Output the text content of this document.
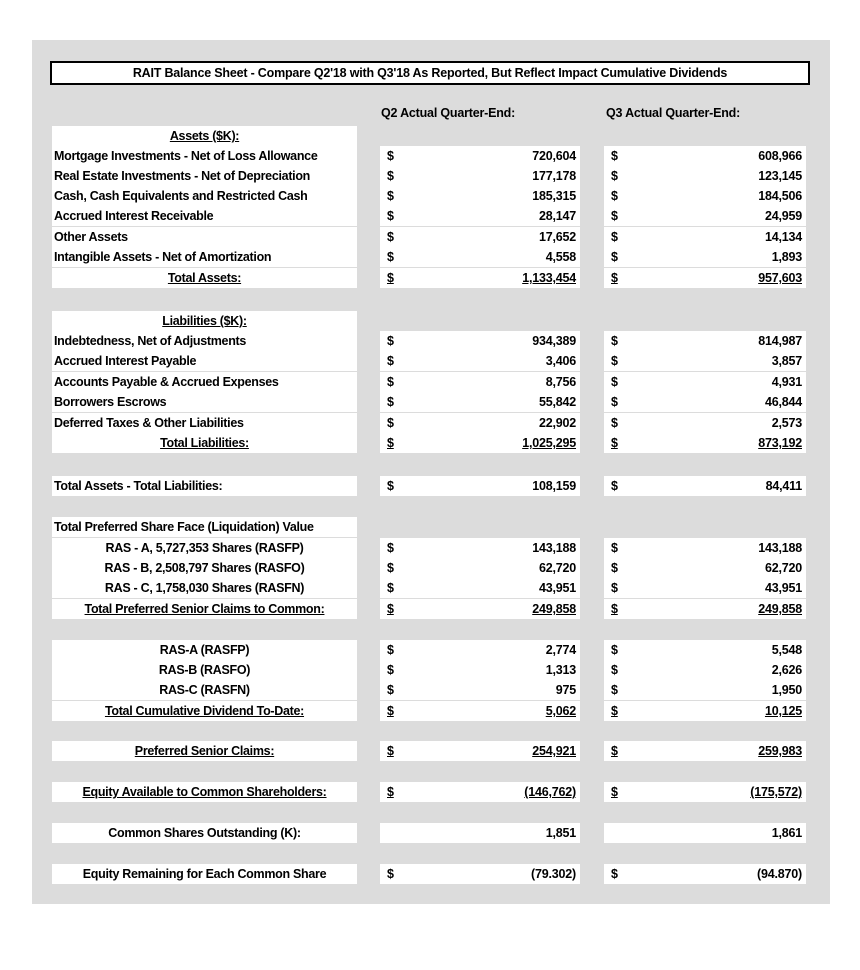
RAIT Balance Sheet - Compare Q2'18 with Q3'18 As Reported, But Reflect Impact Cumulative Dividends
Q2 Actual Quarter-End:	Q3 Actual Quarter-End:
Assets ($K):
Mortgage Investments - Net of Loss Allowance	$	720,604	$	608,966
Real Estate Investments - Net of Depreciation	$	177,178	$	123,145
Cash, Cash Equivalents and Restricted Cash	$	185,315	$	184,506
Accrued Interest Receivable	$	28,147	$	24,959
Other Assets	$	17,652	$	14,134
Intangible Assets - Net of Amortization	$	4,558	$	1,893
Total Assets:	$	1,133,454	$	957,603
Liabilities ($K):
Indebtedness, Net of Adjustments	$	934,389	$	814,987
Accrued Interest Payable	$	3,406	$	3,857
Accounts Payable & Accrued Expenses	$	8,756	$	4,931
Borrowers Escrows	$	55,842	$	46,844
Deferred Taxes & Other Liabilities	$	22,902	$	2,573
Total Liabilities:	$	1,025,295	$	873,192
Total Assets - Total Liabilities:	$	108,159	$	84,411
Total Preferred Share Face (Liquidation) Value
RAS - A, 5,727,353 Shares (RASFP)	$	143,188	$	143,188
RAS - B, 2,508,797 Shares (RASFO)	$	62,720	$	62,720
RAS - C, 1,758,030 Shares (RASFN)	$	43,951	$	43,951
Total Preferred Senior Claims to Common:	$	249,858	$	249,858
RAS-A (RASFP)	$	2,774	$	5,548
RAS-B (RASFO)	$	1,313	$	2,626
RAS-C (RASFN)	$	975	$	1,950
Total Cumulative Dividend To-Date:	$	5,062	$	10,125
Preferred Senior Claims:	$	254,921	$	259,983
Equity Available to Common Shareholders:	$	(146,762)	$	(175,572)
Common Shares Outstanding (K):	1,851	1,861
Equity Remaining for Each Common Share	$	(79.302)	$	(94.870)
